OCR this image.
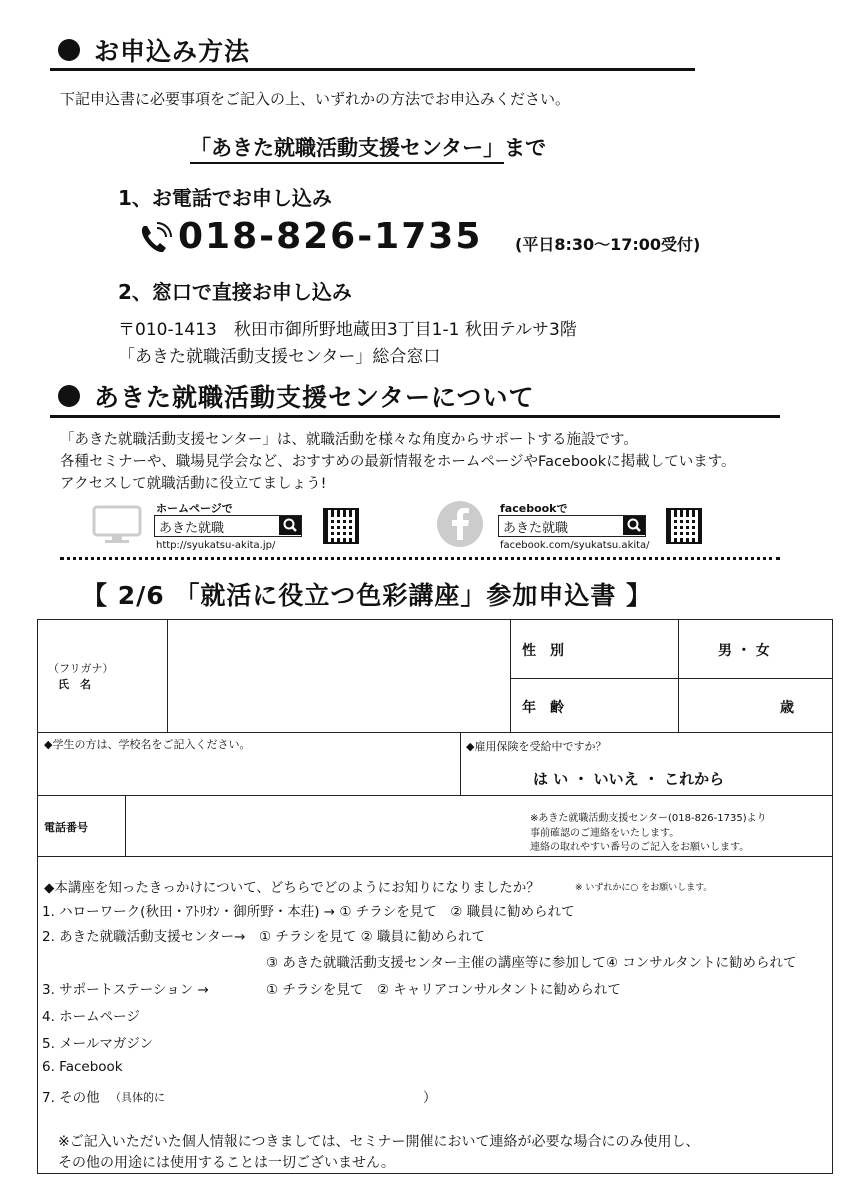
お申込み方法
下記申込書に必要事項をご記入の上、いずれかの方法でお申込みください。
「あきた就職活動支援センター」まで
1、お電話でお申し込み
018-826-1735 (平日8:30～17:00受付)
2、窓口で直接お申し込み
〒010-1413　秋田市御所野地蔵田3丁目1-1 秋田テルサ3階
「あきた就職活動支援センター」総合窓口
あきた就職活動支援センターについて
「あきた就職活動支援センター」は、就職活動を様々な角度からサポートする施設です。
各種セミナーや、職場見学会など、おすすめの最新情報をホームページやFacebookに掲載しています。
アクセスして就職活動に役立てましょう!
ホームページで
あきた就職
http://syukatsu-akita.jp/
facebookで
あきた就職
facebook.com/syukatsu.akita/
【 2/6 「就活に役立つ色彩講座」参加申込書 】
（フリガナ）
氏　名
性　別	男 ・ 女
年　齢	歳
◆学生の方は、学校名をご記入ください。	◆雇用保険を受給中ですか？
は い ・ いいえ ・ これから
電話番号
※あきた就職活動支援センター(018-826-1735)より
事前確認のご連絡をいたします。
連絡の取れやすい番号のご記入をお願いします。
◆本講座を知ったきっかけについて、どちらでどのようにお知りになりましたか？	※ いずれかに○ をお願いします。
1. ハローワーク(秋田・ｱﾄﾘｵﾝ・御所野・本荘) → ① チラシを見て　② 職員に勧められて
2. あきた就職活動支援センター→　① チラシを見て ② 職員に勧められて
③ あきた就職活動支援センター主催の講座等に参加して④ コンサルタントに勧められて
3. サポートステーション →	① チラシを見て　② キャリアコンサルタントに勧められて
4. ホームページ
5. メールマガジン
6. Facebook
7. その他 （具体的に	）
※ご記入いただいた個人情報につきましては、セミナー開催において連絡が必要な場合にのみ使用し、
その他の用途には使用することは一切ございません。
